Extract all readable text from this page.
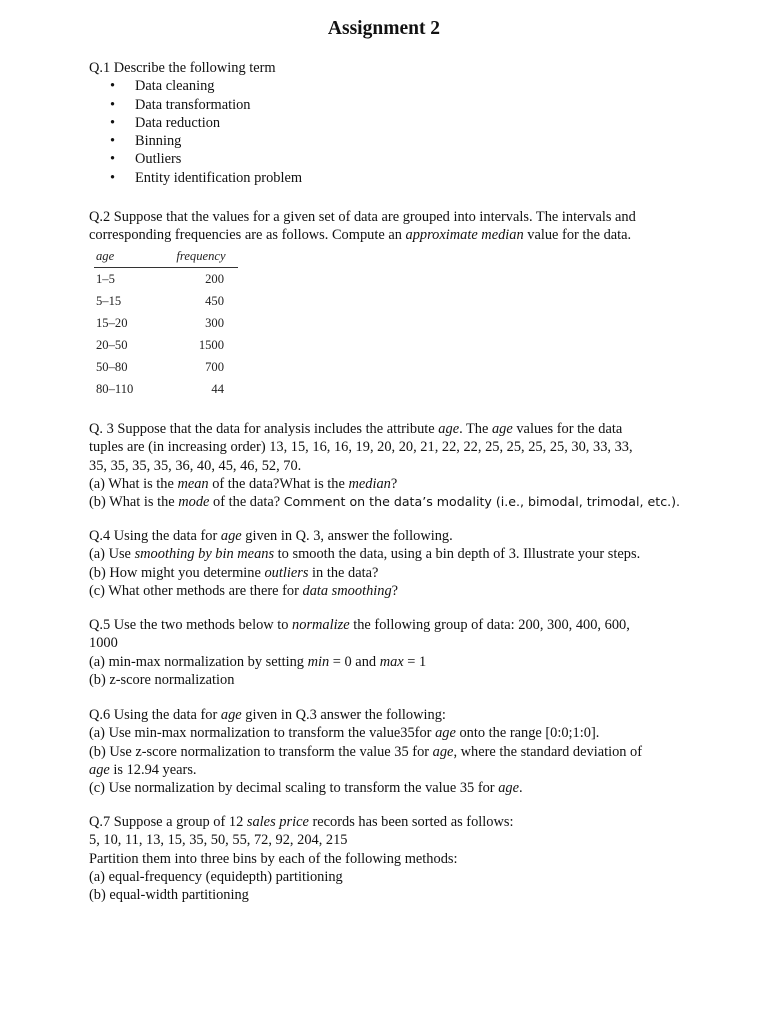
Assignment 2
Q.1 Describe the following term
• Data cleaning
• Data transformation
• Data reduction
• Binning
• Outliers
• Entity identification problem
Q.2 Suppose that the values for a given set of data are grouped into intervals. The intervals and
corresponding frequencies are as follows. Compute an approximate median value for the data.
age	frequency
1–5	200
5–15	450
15–20	300
20–50	1500
50–80	700
80–110	44
Q. 3 Suppose that the data for analysis includes the attribute age. The age values for the data
tuples are (in increasing order) 13, 15, 16, 16, 19, 20, 20, 21, 22, 22, 25, 25, 25, 25, 30, 33, 33,
35, 35, 35, 35, 36, 40, 45, 46, 52, 70.
(a) What is the mean of the data?What is the median?
(b) What is the mode of the data? Comment on the data’s modality (i.e., bimodal, trimodal, etc.).
Q.4 Using the data for age given in Q. 3, answer the following.
(a) Use smoothing by bin means to smooth the data, using a bin depth of 3. Illustrate your steps.
(b) How might you determine outliers in the data?
(c) What other methods are there for data smoothing?
Q.5 Use the two methods below to normalize the following group of data: 200, 300, 400, 600,
1000
(a) min-max normalization by setting min = 0 and max = 1
(b) z-score normalization
Q.6 Using the data for age given in Q.3 answer the following:
(a) Use min-max normalization to transform the value35for age onto the range [0:0;1:0].
(b) Use z-score normalization to transform the value 35 for age, where the standard deviation of
age is 12.94 years.
(c) Use normalization by decimal scaling to transform the value 35 for age.
Q.7 Suppose a group of 12 sales price records has been sorted as follows:
5, 10, 11, 13, 15, 35, 50, 55, 72, 92, 204, 215
Partition them into three bins by each of the following methods:
(a) equal-frequency (equidepth) partitioning
(b) equal-width partitioning
